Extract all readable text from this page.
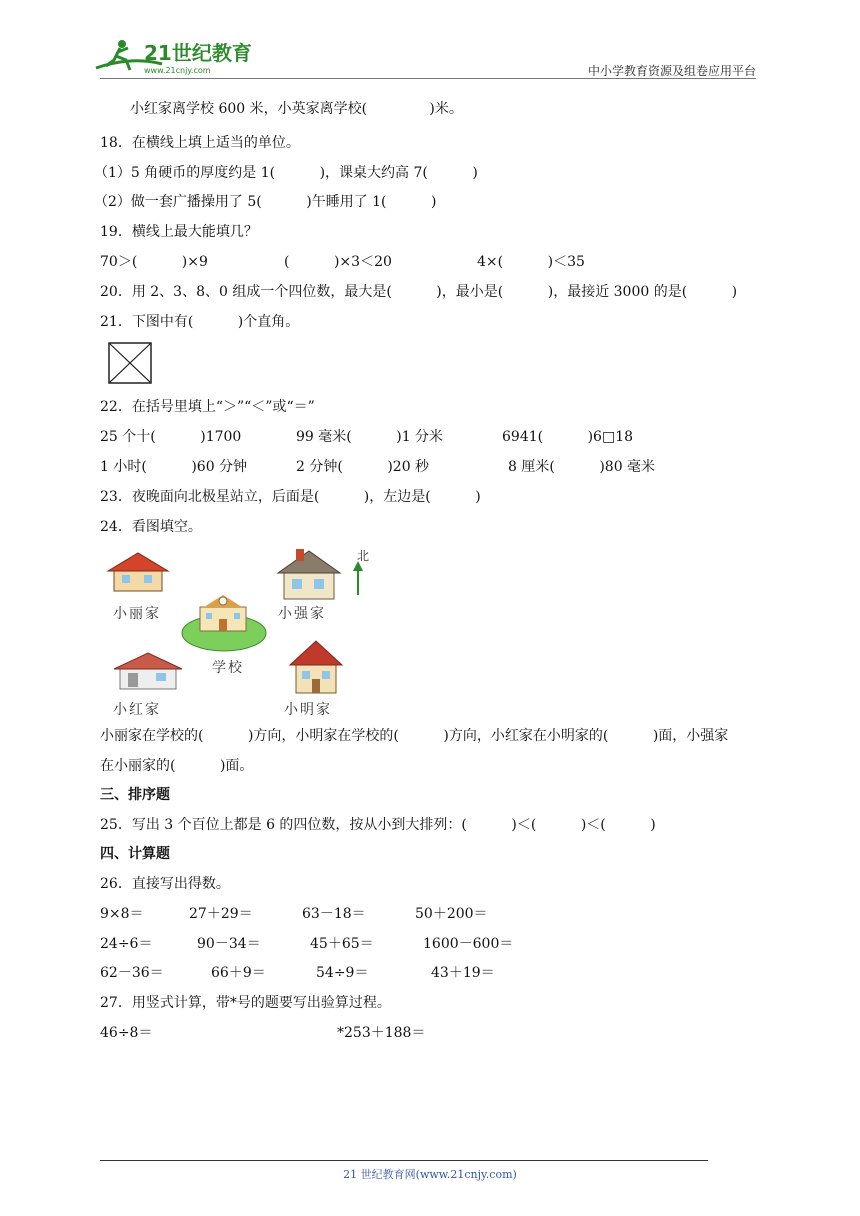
21世纪教育
www.21cnjy.com	中小学教育资源及组卷应用平台
小红家离学校 600 米，小英家离学校(              )米。
18．在横线上填上适当的单位。
（1）5 角硬币的厚度约是 1(          )，课桌大约高 7(          )
（2）做一套广播操用了 5(          )午睡用了 1(          )
19．横线上最大能填几？
70＞(          )×9	(          )×3＜20	4×(          )＜35
20．用 2、3、8、0 组成一个四位数，最大是(          )，最小是(          )，最接近 3000 的是(          )
21．下图中有(          )个直角。
22．在括号里填上“＞”“＜”或“＝”
25 个十(          )1700	99 毫米(          )1 分米	6941(          )6□18
1 小时(          )60 分钟	2 分钟(          )20 秒	8 厘米(          )80 毫米
23．夜晚面向北极星站立，后面是(          )，左边是(          )
24．看图填空。
北
小丽家	小强家
学校
小红家	小明家
小丽家在学校的(          )方向，小明家在学校的(          )方向，小红家在小明家的(          )面，小强家
在小丽家的(          )面。
三、排序题
25．写出 3 个百位上都是 6 的四位数，按从小到大排列：(          )＜(          )＜(          )
四、计算题
26．直接写出得数。
9×8＝	27＋29＝	63－18＝	50＋200＝
24÷6＝	90－34＝	45＋65＝	1600－600＝
62－36＝	66＋9＝	54÷9＝	43＋19＝
27．用竖式计算，带*号的题要写出验算过程。
46÷8＝	*253＋188＝
21 世纪教育网(www.21cnjy.com)
